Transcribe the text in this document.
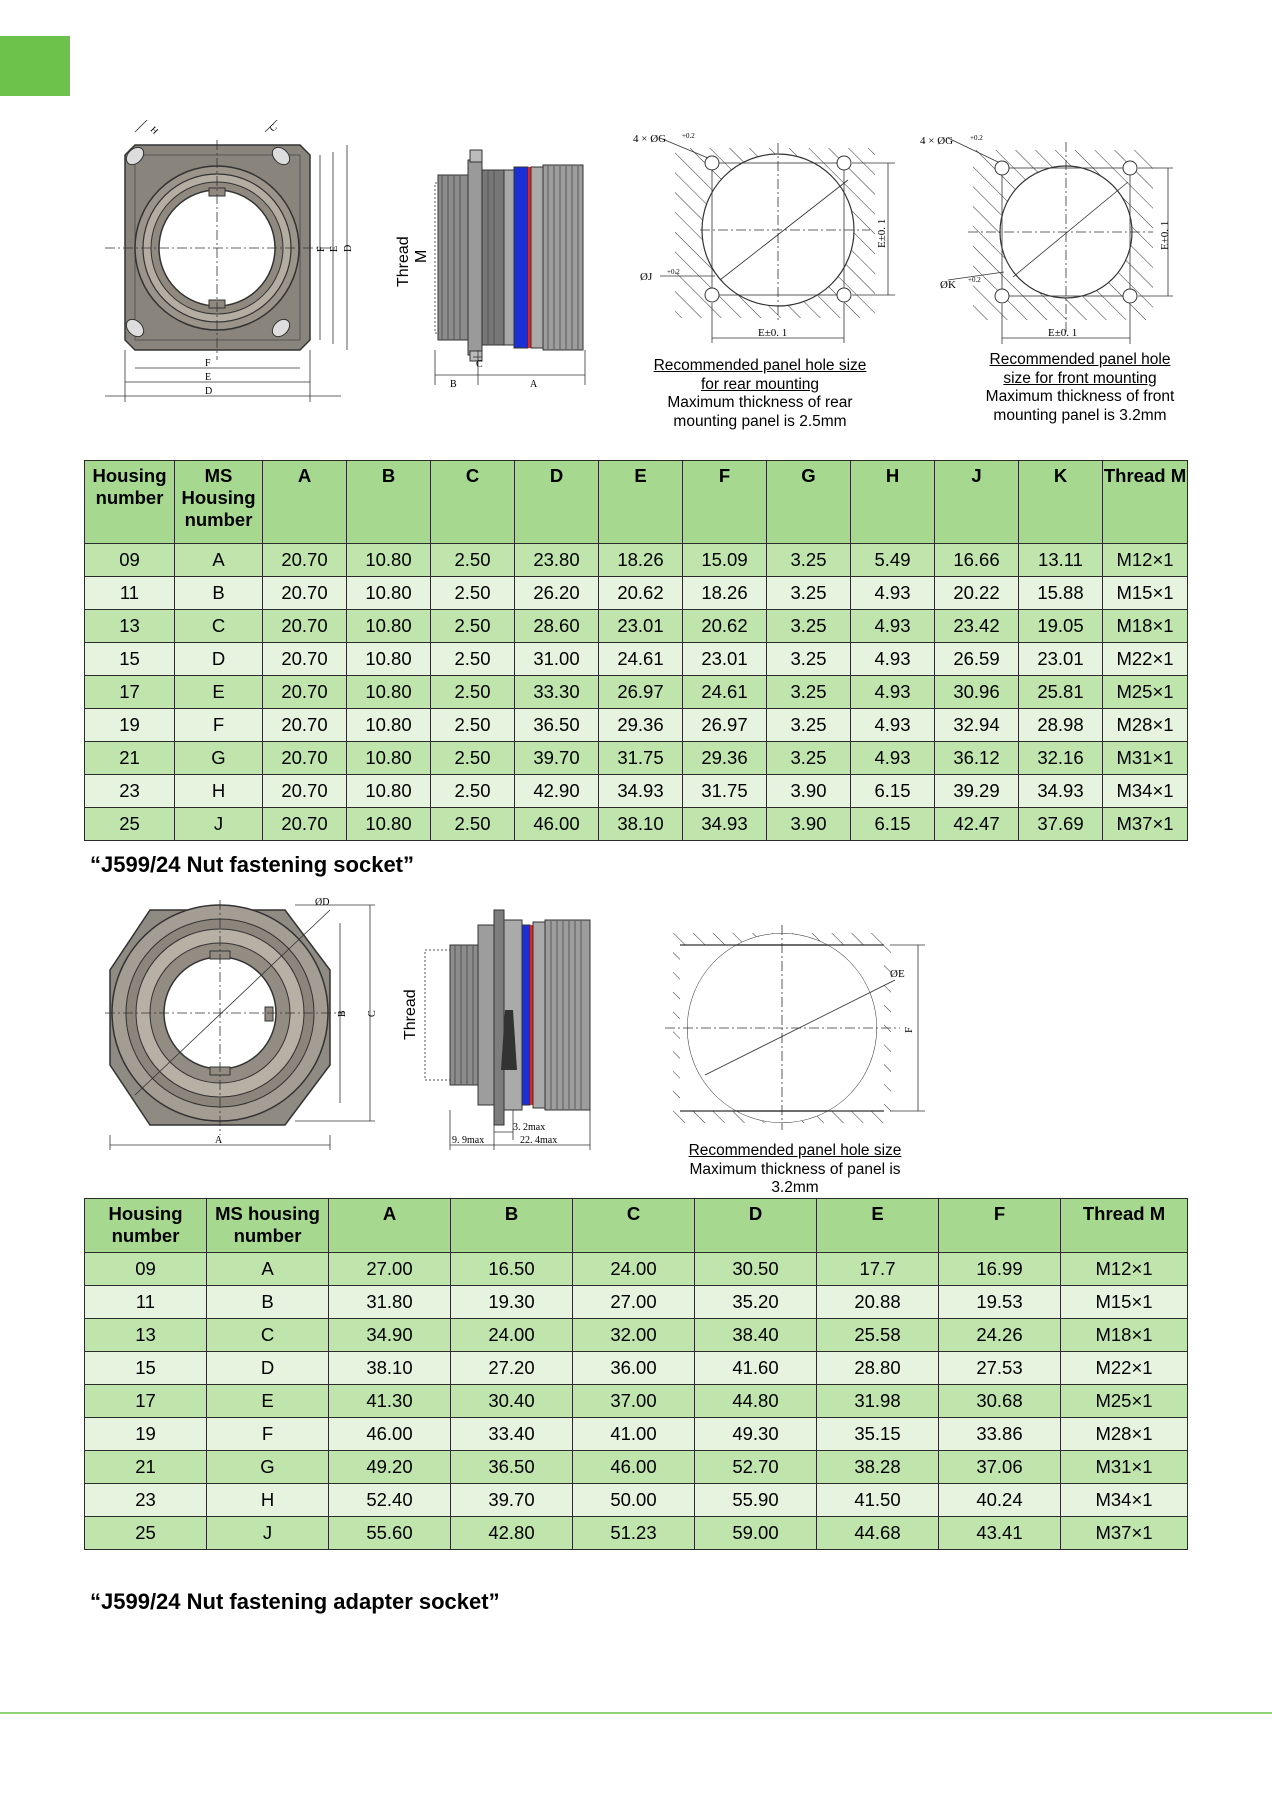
F
E
D
F E D
H	C
Thread M
B
C
A
4 × ØG +0.2
ØJ +0.2
E±0. 1
E±0. 1
Recommended panel hole size
for rear mounting
Maximum thickness of rear
mounting panel is 2.5mm
4 × ØG +0.2
ØK +0.2
E±0. 1
E±0. 1
Recommended panel hole
size for front mounting
Maximum thickness of front
mounting panel is 3.2mm
Housing number	MS Housing number	A	B	C	D	E	F	G	H	J	K	Thread M
09	A	20.70	10.80	2.50	23.80	18.26	15.09	3.25	5.49	16.66	13.11	M12×1
11	B	20.70	10.80	2.50	26.20	20.62	18.26	3.25	4.93	20.22	15.88	M15×1
13	C	20.70	10.80	2.50	28.60	23.01	20.62	3.25	4.93	23.42	19.05	M18×1
15	D	20.70	10.80	2.50	31.00	24.61	23.01	3.25	4.93	26.59	23.01	M22×1
17	E	20.70	10.80	2.50	33.30	26.97	24.61	3.25	4.93	30.96	25.81	M25×1
19	F	20.70	10.80	2.50	36.50	29.36	26.97	3.25	4.93	32.94	28.98	M28×1
21	G	20.70	10.80	2.50	39.70	31.75	29.36	3.25	4.93	36.12	32.16	M31×1
23	H	20.70	10.80	2.50	42.90	34.93	31.75	3.90	6.15	39.29	34.93	M34×1
25	J	20.70	10.80	2.50	46.00	38.10	34.93	3.90	6.15	42.47	37.69	M37×1
“J599/24 Nut fastening socket”
A
B C
ØD
Thread
3. 2max
9. 9max	22. 4max
ØE
F
Recommended panel hole size
Maximum thickness of panel is
3.2mm
Housing number	MS housing number	A	B	C	D	E	F	Thread M
09	A	27.00	16.50	24.00	30.50	17.7	16.99	M12×1
11	B	31.80	19.30	27.00	35.20	20.88	19.53	M15×1
13	C	34.90	24.00	32.00	38.40	25.58	24.26	M18×1
15	D	38.10	27.20	36.00	41.60	28.80	27.53	M22×1
17	E	41.30	30.40	37.00	44.80	31.98	30.68	M25×1
19	F	46.00	33.40	41.00	49.30	35.15	33.86	M28×1
21	G	49.20	36.50	46.00	52.70	38.28	37.06	M31×1
23	H	52.40	39.70	50.00	55.90	41.50	40.24	M34×1
25	J	55.60	42.80	51.23	59.00	44.68	43.41	M37×1
“J599/24 Nut fastening adapter socket”
